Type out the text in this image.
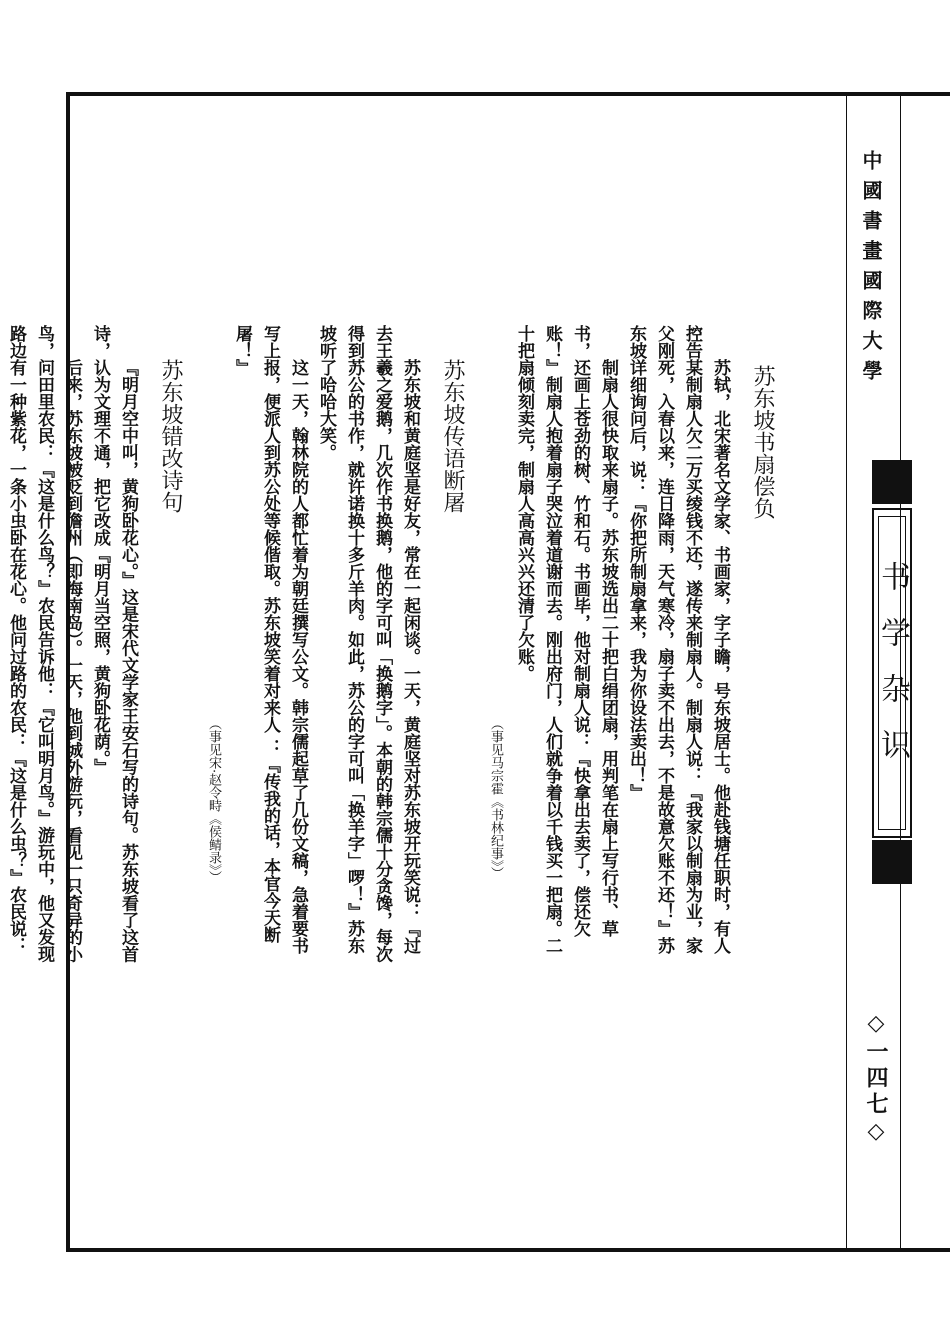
中國書畫國際大學
书学杂识
◇一四七◇

苏东坡书扇偿负

苏轼，北宋著名文学家、书画家，字子瞻，号东坡居士。他赴钱塘任职时，有人控告某制扇人欠二万买绫钱不还，遂传来制扇人。制扇人说：『我家以制扇为业，家父刚死，入春以来，连日降雨，天气寒冷，扇子卖不出去，不是故意欠账不还！』苏东坡详细询问后，说：『你把所制扇拿来，我为你设法卖出！』

制扇人很快取来扇子。苏东坡选出二十把白绢团扇，用判笔在扇上写行书、草书，还画上苍劲的树、竹和石。书画毕，他对制扇人说：『快拿出去卖了，偿还欠账！』制扇人抱着扇子哭泣着道谢而去。刚出府门，人们就争着以千钱买一把扇。二十把扇倾刻卖完，制扇人高高兴兴还清了欠账。

（事见马宗霍《书林纪事》）

苏东坡传语断屠

苏东坡和黄庭坚是好友，常在一起闲谈。一天，黄庭坚对苏东坡开玩笑说：『过去王羲之爱鹅，几次作书换鹅，他的字可叫「换鹅字」。本朝的韩宗儒十分贪馋，每次得到苏公的书作，就许诺换十多斤羊肉。如此，苏公的字可叫「换羊字」啰！』苏东坡听了哈哈大笑。

这一天，翰林院的人都忙着为朝廷撰写公文。韩宗儒起草了几份文稿，急着要书写上报，便派人到苏公处等候偕取。苏东坡笑着对来人 ：『传我的话，本官今天断屠！』

（事见宋·赵令畤《侯鲭录》）

苏东坡错改诗句

『明月空中叫，黄狗卧花心。』这是宋代文学家王安石写的诗句。苏东坡看了这首诗，认为文理不通，把它改成『明月当空照，黄狗卧花荫。』

后来，苏东坡被贬到儋州（即海南岛）。一天，他到城外游玩，看见一只奇异的小鸟，问田里农民：『这是什么鸟？』农民告诉他：『它叫明月鸟。』游玩中，他又发现路边有一种紫花，一条小虫卧在花心。他问过路的农民：『这是什么虫？』农民说：
